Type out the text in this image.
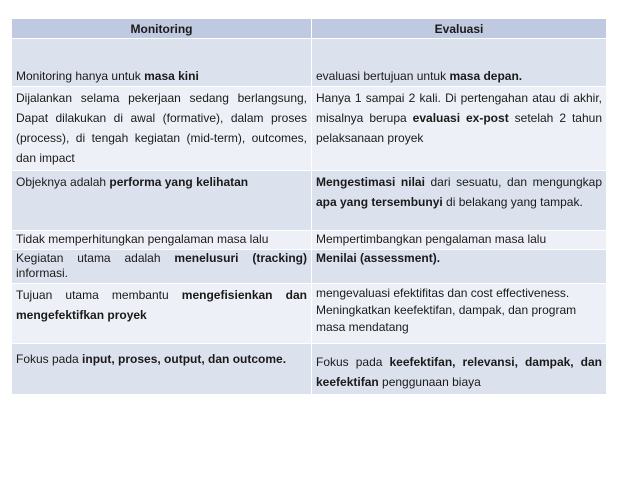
Monitoring	Evaluasi
Monitoring hanya untuk masa kini	evaluasi bertujuan untuk masa depan.
Dijalankan selama pekerjaan sedang berlangsung, Dapat dilakukan di awal (formative), dalam proses (process), di tengah kegiatan (mid-term), outcomes, dan impact	Hanya 1 sampai 2 kali. Di pertengahan atau di akhir, misalnya berupa evaluasi ex-post setelah 2 tahun pelaksanaan proyek
Objeknya adalah performa yang kelihatan	Mengestimasi nilai dari sesuatu, dan mengungkap apa yang tersembunyi di belakang yang tampak.
Tidak memperhitungkan pengalaman masa lalu	Mempertimbangkan pengalaman masa lalu
Kegiatan utama adalah menelusuri (tracking) informasi.	Menilai (assessment).
Tujuan utama membantu mengefisienkan dan mengefektifkan proyek	mengevaluasi efektifitas dan cost effectiveness. Meningkatkan keefektifan, dampak, dan program masa mendatang
Fokus pada input, proses, output, dan outcome.	Fokus pada keefektifan, relevansi, dampak, dan keefektifan penggunaan biaya
